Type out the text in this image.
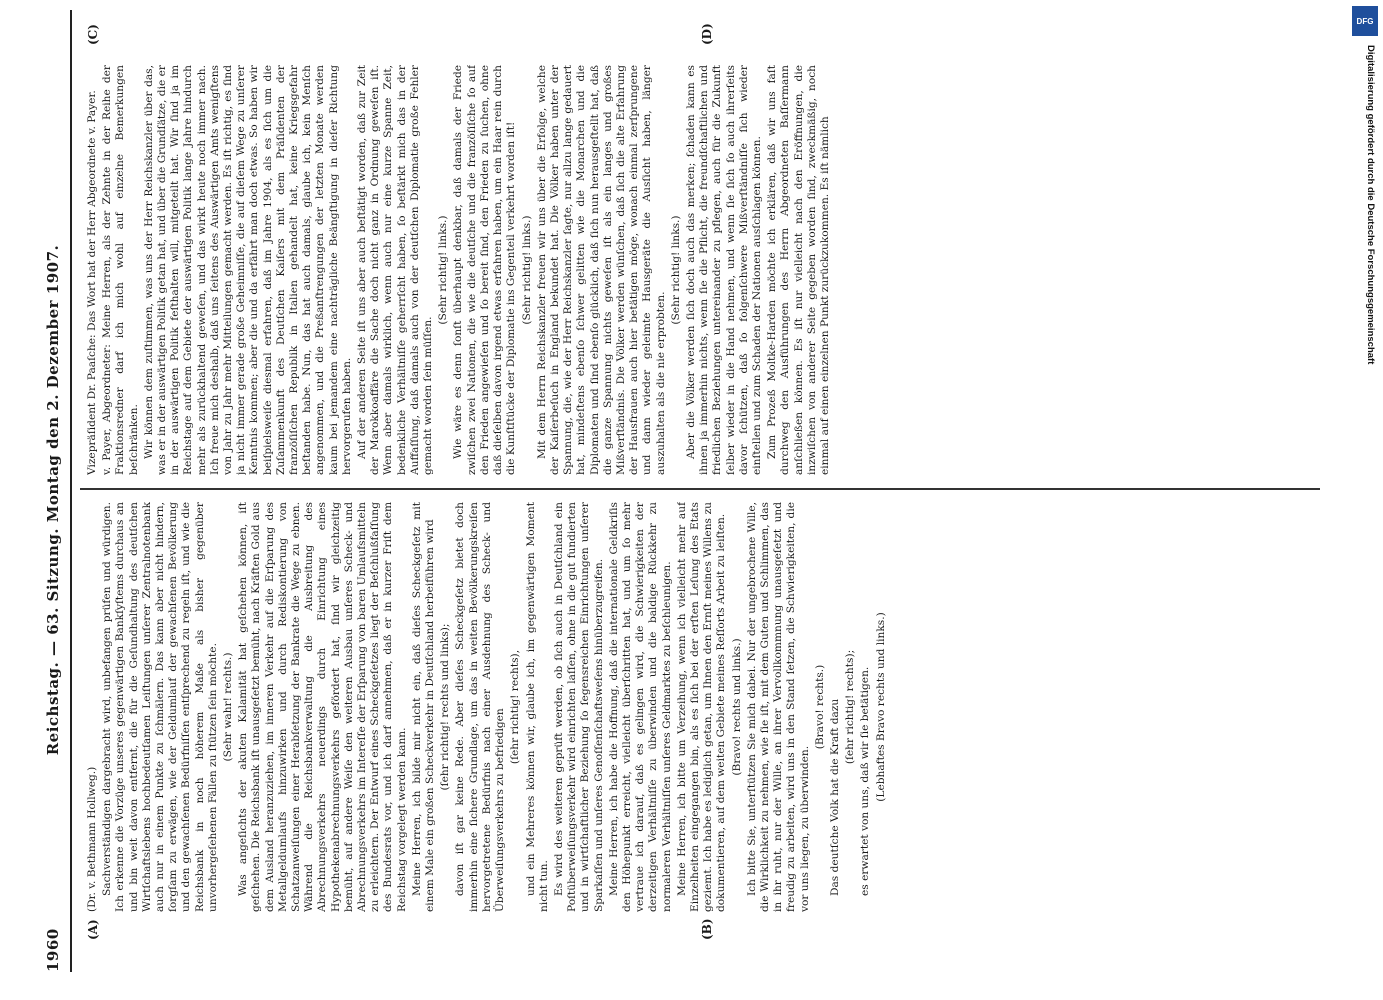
1960
Reichstag. — 63. Sitzung. Montag den 2. Dezember 1907.
(A)	(B)
(C)	(D)

(Dr. v. Bethmann Hollweg.) Sachverständigen dargebracht wird, unbefangen prüfen und würdigen. Ich erkenne die Vorzüge unseres gegenwärtigen Bankſyſtems durchaus an und bin weit davon entfernt, die für die Geſundhaltung des deutſchen Wirtſchaftslebens hochbedeutſamen Leiſtungen unſerer Zentralnotenbank auch nur in einem Punkte zu ſchmälern. Das kann aber nicht hindern, ſorgſam zu erwägen, wie der Geldumlauf der gewachſenen Bevölkerung und den gewachſenen Bedürfniſſen entſprechend zu regeln iſt, und wie die Reichsbank in noch höherem Maße als bisher gegenüber unvorhergeſehenen Fällen zu ſtützen ſein möchte. (Sehr wahr! rechts.) Was angeſichts der akuten Kalamität hat geſchehen können, iſt geſchehen. Die Reichsbank iſt unausgeſetzt bemüht, nach Kräften Gold aus dem Ausland heranzuziehen, im inneren Verkehr auf die Erſparung des Metallgeldumlaufs hinzuwirken und durch Rediskontierung von Schatzanweiſungen einer Herabſetzung der Bankrate die Wege zu ebnen. Während die Reichsbankverwaltung die Ausbreitung des Abrechnungsverkehrs neuerdings durch Einrichtung eines Hypothekenabrechnungsverkehrs gefördert hat, ſind wir gleichzeitig bemüht, auf andere Weiſe den weiteren Ausbau unſeres Scheck- und Abrechnungsverkehrs im Intereſſe der Erſparung von baren Umlaufsmitteln zu erleichtern. Der Entwurf eines Scheckgeſetzes liegt der Beſchlußfaſſung des Bundesrats vor, und ich darf annehmen, daß er in kurzer Friſt dem Reichstag vorgelegt werden kann. Meine Herren, ich bilde mir nicht ein, daß dieſes Scheckgeſetz mit einem Male ein großen Scheckverkehr in Deutſchland herbeiführen wird (ſehr richtig! rechts und links); davon iſt gar keine Rede. Aber dieſes Scheckgeſetz bietet doch immerhin eine ſichere Grundlage, um das in weiten Bevölkerungskreiſen hervorgetretene Bedürfnis nach einer Ausdehnung des Scheck- und Überweiſungsverkehrs zu befriedigen

(ſehr richtig! rechts), und ein Mehreres können wir, glaube ich, im gegenwärtigen Moment nicht tun. Es wird des weiteren geprüft werden, ob ſich auch in Deutſchland ein Poſtüberweiſungsverkehr wird einrichten laſſen, ohne in die gut fundierten und in wirtſchaftlicher Beziehung ſo ſegensreichen Einrichtungen unſerer Sparkaſſen und unſeres Genoſſenſchaftsweſens hinüberzugreifen. Meine Herren, ich habe die Hoffnung, daß die internationale Geldkriſis den Höhepunkt erreicht, vielleicht überſchritten hat, und um ſo mehr vertraue ich darauf, daß es gelingen wird, die Schwierigkeiten der derzeitigen Verhältniſſe zu überwinden und die baldige Rückkehr zu normaleren Verhältniſſen unſeres Geldmarktes zu beſchleunigen. Meine Herren, ich bitte um Verzeihung, wenn ich vielleicht mehr auf Einzelheiten eingegangen bin, als es ſich bei der erſten Leſung des Etats geziemt. Ich habe es lediglich getan, um Ihnen den Ernſt meines Willens zu dokumentieren, auf dem weiten Gebiete meines Reſſorts Arbeit zu leiſten. (Bravo! rechts und links.) Ich bitte Sie, unterſtützen Sie mich dabei. Nur der ungebrochene Wille, die Wirklichkeit zu nehmen, wie ſie iſt, mit dem Guten und Schlimmen, das in ihr ruht, nur der Wille, an ihrer Vervollkommnung unausgeſetzt und freudig zu arbeiten, wird uns in den Stand ſetzen, die Schwierigkeiten, die vor uns liegen, zu überwinden.

(Bravo! rechts.) Das deutſche Volk hat die Kraft dazu (ſehr richtig! rechts); es erwartet von uns, daß wir ſie betätigen. (Lebhaftes Bravo rechts und links.)

Vizepräſident Dr. Paaſche: Das Wort hat der Herr Abgeordnete v. Payer. v. Payer, Abgeordneter: Meine Herren, als der Zehnte in der Reihe der Fraktionsredner darf ich mich wohl auf einzelne Bemerkungen beſchränken. Wir können dem zuſtimmen, was uns der Herr Reichskanzler über das, was er in der auswärtigen Politik getan hat, und über die Grundſätze, die er in der auswärtigen Politik feſthalten will, mitgeteilt hat. Wir ſind ja im Reichstage auf dem Gebiete der auswärtigen Politik lange Jahre hindurch mehr als zurückhaltend geweſen, und das wirkt heute noch immer nach. Ich freue mich deshalb, daß uns ſeitens des Auswärtigen Amts wenigſtens von Jahr zu Jahr mehr Mitteilungen gemacht werden. Es iſt richtig, es ſind ja nicht immer gerade große Geheimniſſe, die auf dieſem Wege zu unſerer Kenntnis kommen; aber die und da erfährt man doch etwas. So haben wir beiſpielsweiſe diesmal erfahren, daß im Jahre 1904, als es ſich um die Zuſammenkunft des Deutſchen Kaiſers mit dem Präſidenten der franzöſiſchen Republik in Italien gehandelt hat, keine Kriegsgefahr beſtanden habe. Nun, das hat auch damals, glaube ich, kein Menſch angenommen, und die Preßanſtrengungen der letzten Monate werden kaum bei jemandem eine nachträgliche Beängſtigung in dieſer Richtung hervorgerufen haben. Auf der anderen Seite iſt uns aber auch beſtätigt worden, daß zur Zeit der Marokkoaffäre die Sache doch nicht ganz in Ordnung geweſen iſt. Wenn aber damals wirklich, wenn auch nur eine kurze Spanne Zeit, bedenkliche Verhältniſſe geherrſcht haben, ſo beſtärkt mich das in der Auffaſſung, daß damals auch von der deutſchen Diplomatie große Fehler gemacht worden ſein müſſen.

(Sehr richtig! links.) Wie wäre es denn ſonſt überhaupt denkbar, daß damals der Friede zwiſchen zwei Nationen, die wie die deutſche und die franzöſiſche ſo auf den Frieden angewieſen und ſo bereit ſind, den Frieden zu ſuchen, ohne daß dieſelben davon irgend etwas erfahren haben, um ein Haar rein durch die Kunſtſtücke der Diplomatie ins Gegenteil verkehrt worden iſt! (Sehr richtig! links.) Mit dem Herrn Reichskanzler freuen wir uns über die Erfolge, welche der Kaiſerbeſuch in England bekundet hat. Die Völker haben unter der Spannung, die, wie der Herr Reichskanzler ſagte, nur allzu lange gedauert hat, mindeſtens ebenſo ſchwer gelitten wie die Monarchen und die Diplomaten und ſind ebenſo glücklich, daß ſich nun herausgeſtellt hat, daß die ganze Spannung nichts geweſen iſt als ein langes und großes Mißverſtändnis. Die Völker werden wünſchen, daß ſich die alte Erfahrung der Hausfrauen auch hier betätigen möge, wonach einmal zerſprungene und dann wieder geleimte Hausgeräte die Ausſicht haben, länger auszuhalten als die nie erprobten.

(Sehr richtig! links.) Aber die Völker werden ſich doch auch das merken; ſchaden kann es ihnen ja immerhin nichts, wenn ſie die Pflicht, die freundſchaftlichen und friedlichen Beziehungen untereinander zu pflegen, auch für die Zukunft ſelber wieder in die Hand nehmen, und wenn ſie ſich ſo auch ihrerſeits davor ſchützen, daß ſo folgenſchwere Mißverſtändniſſe ſich wieder einſtellen und zum Schaden der Nationen ausſchlagen können. Zum Prozeß Moltke-Harden möchte ich erklären, daß wir uns faſt durchweg den Ausführungen des Herrn Abgeordneten Baſſermann anſchließen können. Es iſt nur vielleicht nach den Eröffnungen, die inzwiſchen von anderer Seite gegeben worden ſind, zweckmäßig, noch einmal auf einen einzelnen Punkt zurückzukommen. Es iſt nämlich

DFG
Digitalisierung gefördert durch die Deutsche Forschungsgemeinschaft
